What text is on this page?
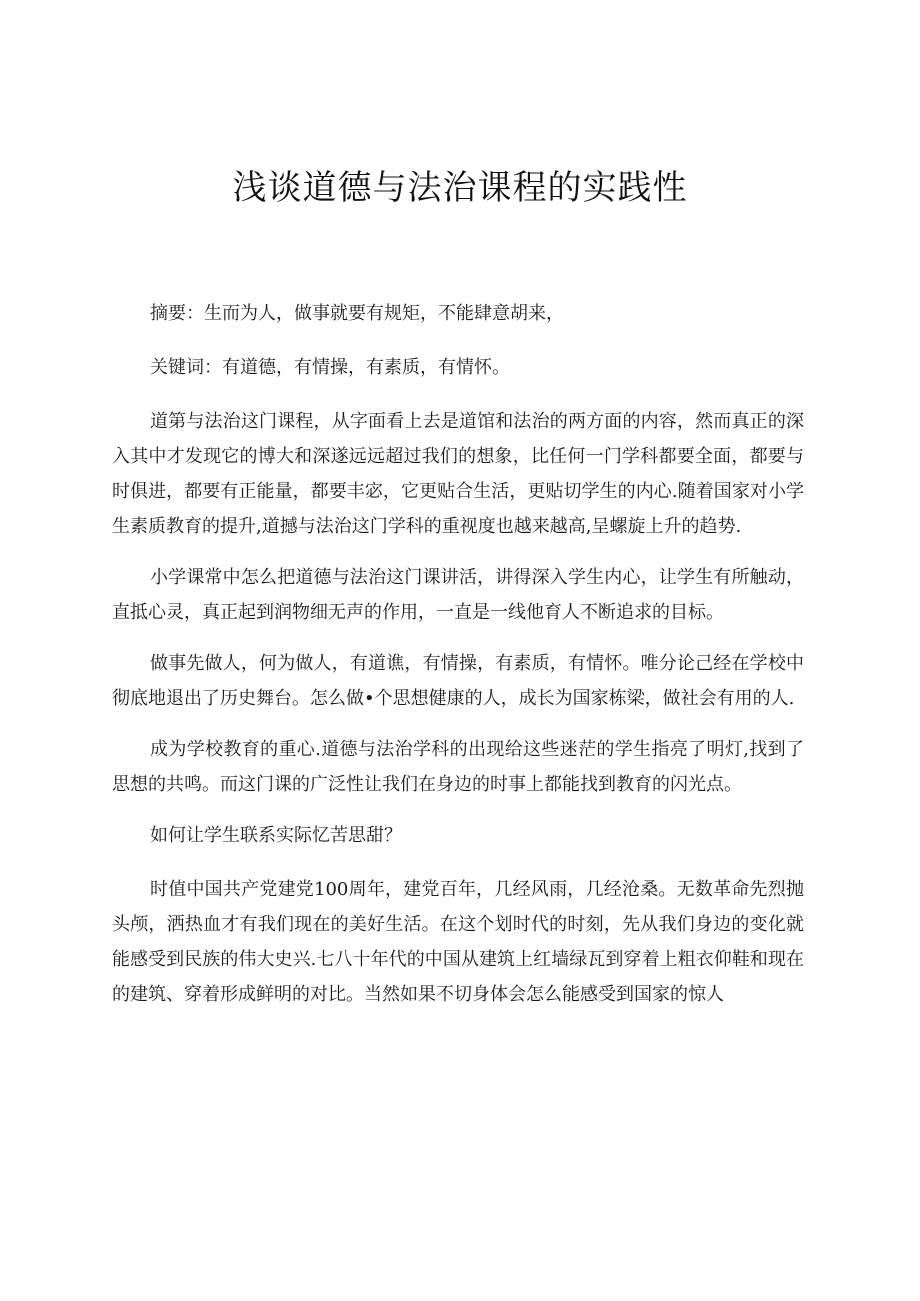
浅谈道德与法治课程的实践性

摘要：生而为人，做事就要有规矩，不能肆意胡来，

关键词：有道德，有情操，有素质，有情怀。

道第与法治这门课程，从字面看上去是道馆和法治的两方面的内容，然而真正的深入其中才发现它的博大和深遂远远超过我们的想象，比任何一门学科都要全面，都要与时俱进，都要有正能量，都要丰宓，它更贴合生活，更贴切学生的内心.随着国家对小学生素质教育的提升,道撼与法治这门学科的重视度也越来越高,呈螺旋上升的趋势.

小学课常中怎么把道德与法治这门课讲活，讲得深入学生内心，让学生有所触动，直抵心灵，真正起到润物细无声的作用，一直是一线他育人不断追求的目标。

做事先做人，何为做人，有道谯，有情操，有素质，有情怀。唯分论己经在学校中彻底地退出了历史舞台。怎么做•个思想健康的人，成长为国家栋梁，做社会有用的人.

成为学校教育的重心.道德与法治学科的出现给这些迷茫的学生指亮了明灯,找到了思想的共鸣。而这门课的广泛性让我们在身边的时事上都能找到教育的闪光点。

如何让学生联系实际忆苦思甜？

时值中国共产党建党100周年，建党百年，几经风雨，几经沧桑。无数革命先烈抛头颅，洒热血才有我们现在的美好生活。在这个划时代的时刻，先从我们身边的变化就能感受到民族的伟大史兴.七八十年代的中国从建筑上红墙绿瓦到穿着上粗衣仰鞋和现在的建筑、穿着形成鲜明的对比。当然如果不切身体会怎么能感受到国家的惊人
